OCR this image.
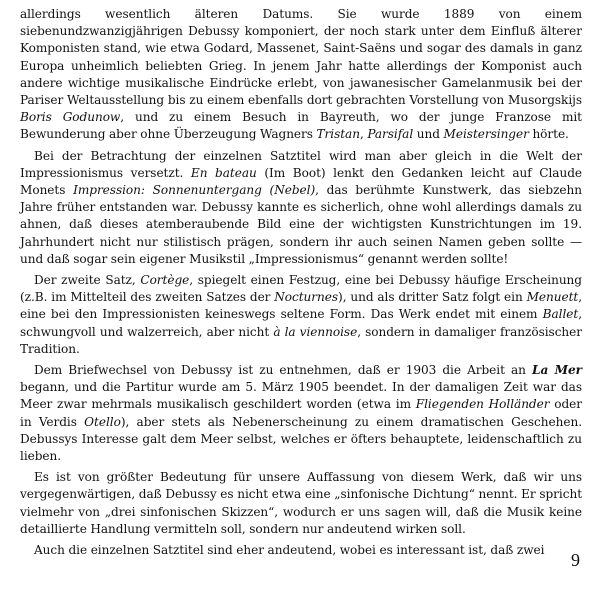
allerdings wesentlich älteren Datums. Sie wurde 1889 von einem siebenundzwanzigjährigen Debussy komponiert, der noch stark unter dem Einfluß älterer Komponisten stand, wie etwa Godard, Massenet, Saint-Saëns und sogar des damals in ganz Europa unheimlich beliebten Grieg. In jenem Jahr hatte allerdings der Komponist auch andere wichtige musikalische Eindrücke erlebt, von jawanesischer Gamelanmusik bei der Pariser Weltausstellung bis zu einem ebenfalls dort gebrachten Vorstellung von Musorgskijs Boris Godunow, und zu einem Besuch in Bayreuth, wo der junge Franzose mit Bewunderung aber ohne Überzeugung Wagners Tristan, Parsifal und Meistersinger hörte.

Bei der Betrachtung der einzelnen Satztitel wird man aber gleich in die Welt der Impressionismus versetzt. En bateau (Im Boot) lenkt den Gedanken leicht auf Claude Monets Impression: Sonnenuntergang (Nebel), das berühmte Kunstwerk, das siebzehn Jahre früher entstanden war. Debussy kannte es sicherlich, ohne wohl allerdings damals zu ahnen, daß dieses atemberaubende Bild eine der wichtigsten Kunstrichtungen im 19. Jahrhundert nicht nur stilistisch prägen, sondern ihr auch seinen Namen geben sollte — und daß sogar sein eigener Musikstil „Impressionismus“ genannt werden sollte!

Der zweite Satz, Cortège, spiegelt einen Festzug, eine bei Debussy häufige Erscheinung (z.B. im Mittelteil des zweiten Satzes der Nocturnes), und als dritter Satz folgt ein Menuett, eine bei den Impressionisten keineswegs seltene Form. Das Werk endet mit einem Ballet, schwungvoll und walzerreich, aber nicht à la viennoise, sondern in damaliger französischer Tradition.

Dem Briefwechsel von Debussy ist zu entnehmen, daß er 1903 die Arbeit an La Mer begann, und die Partitur wurde am 5. März 1905 beendet. In der damaligen Zeit war das Meer zwar mehrmals musikalisch geschildert worden (etwa im Fliegenden Holländer oder in Verdis Otello), aber stets als Nebenerscheinung zu einem dramatischen Geschehen. Debussys Interesse galt dem Meer selbst, welches er öfters behauptete, leidenschaftlich zu lieben.

Es ist von größter Bedeutung für unsere Auffassung von diesem Werk, daß wir uns vergegenwärtigen, daß Debussy es nicht etwa eine „sinfonische Dichtung“ nennt. Er spricht vielmehr von „drei sinfonischen Skizzen“, wodurch er uns sagen will, daß die Musik keine detaillierte Handlung vermitteln soll, sondern nur andeutend wirken soll.

Auch die einzelnen Satztitel sind eher andeutend, wobei es interessant ist, daß zwei	9
